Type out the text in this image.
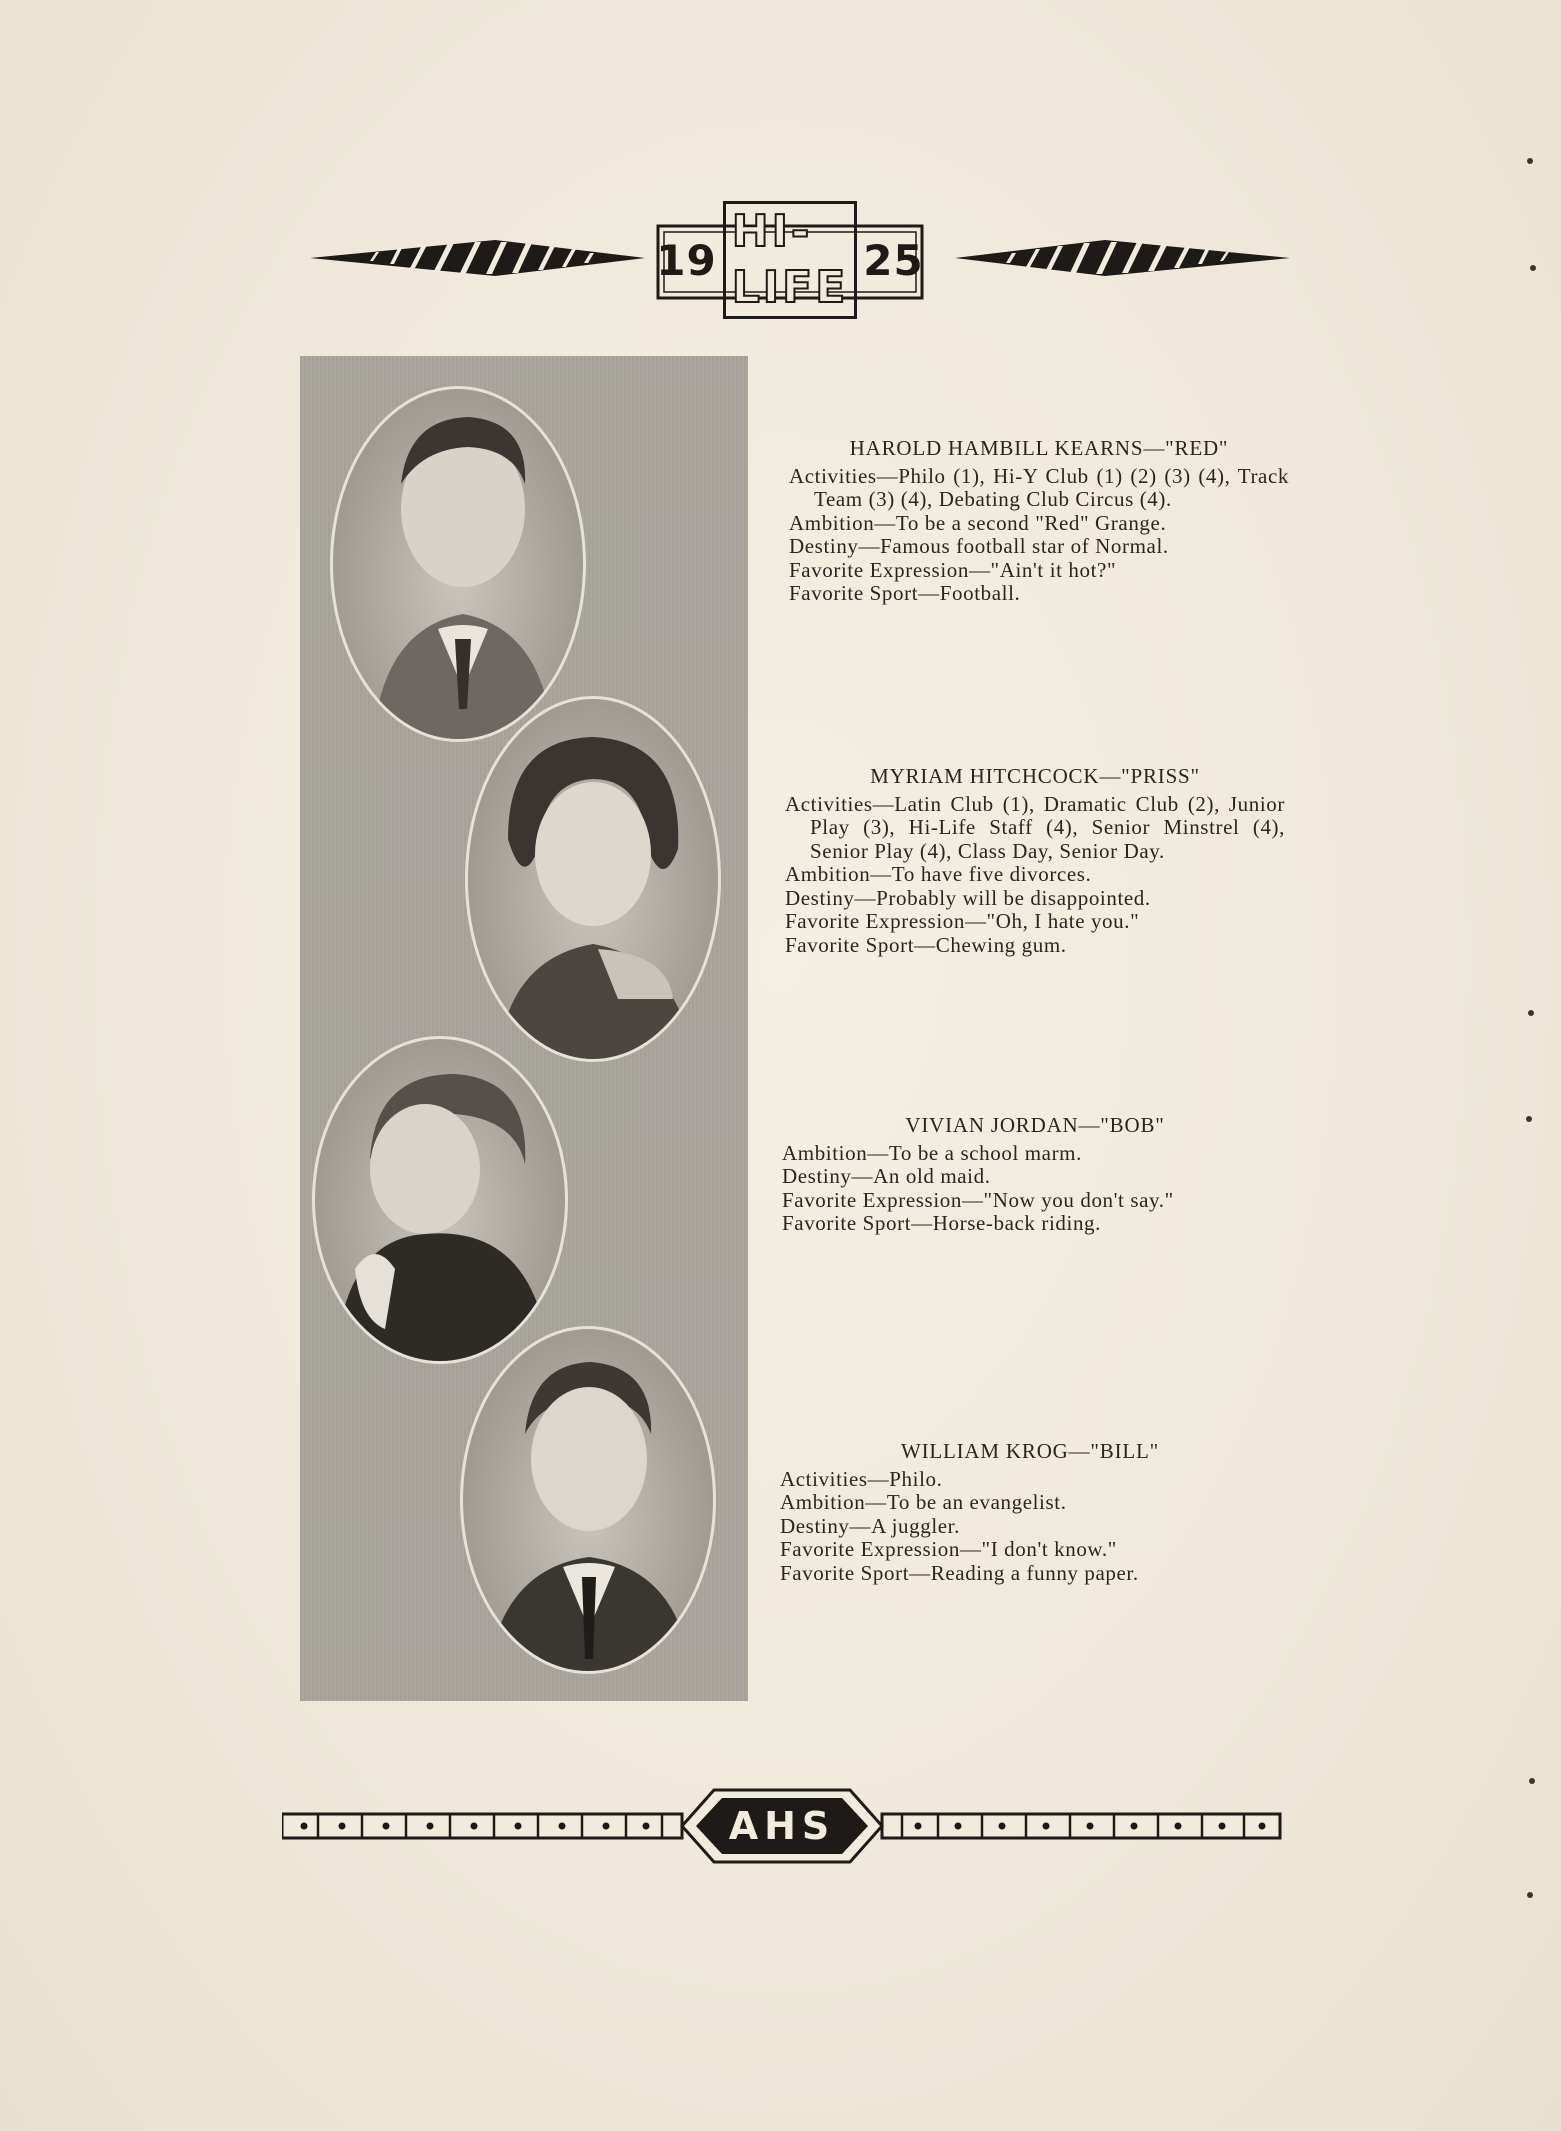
19
HI-LIFE
25
HAROLD HAMBILL KEARNS—"RED"
Activities—Philo (1), Hi-Y Club (1) (2) (3) (4), Track Team (3) (4), Debating Club Circus (4).
Ambition—To be a second "Red" Grange.
Destiny—Famous football star of Normal.
Favorite Expression—"Ain't it hot?"
Favorite Sport—Football.
MYRIAM HITCHCOCK—"PRISS"
Activities—Latin Club (1), Dramatic Club (2), Junior Play (3), Hi-Life Staff (4), Senior Minstrel (4), Senior Play (4), Class Day, Senior Day.
Ambition—To have five divorces.
Destiny—Probably will be disappointed.
Favorite Expression—"Oh, I hate you."
Favorite Sport—Chewing gum.
VIVIAN JORDAN—"BOB"
Ambition—To be a school marm.
Destiny—An old maid.
Favorite Expression—"Now you don't say."
Favorite Sport—Horse-back riding.
WILLIAM KROG—"BILL"
Activities—Philo.
Ambition—To be an evangelist.
Destiny—A juggler.
Favorite Expression—"I don't know."
Favorite Sport—Reading a funny paper.
AHS
